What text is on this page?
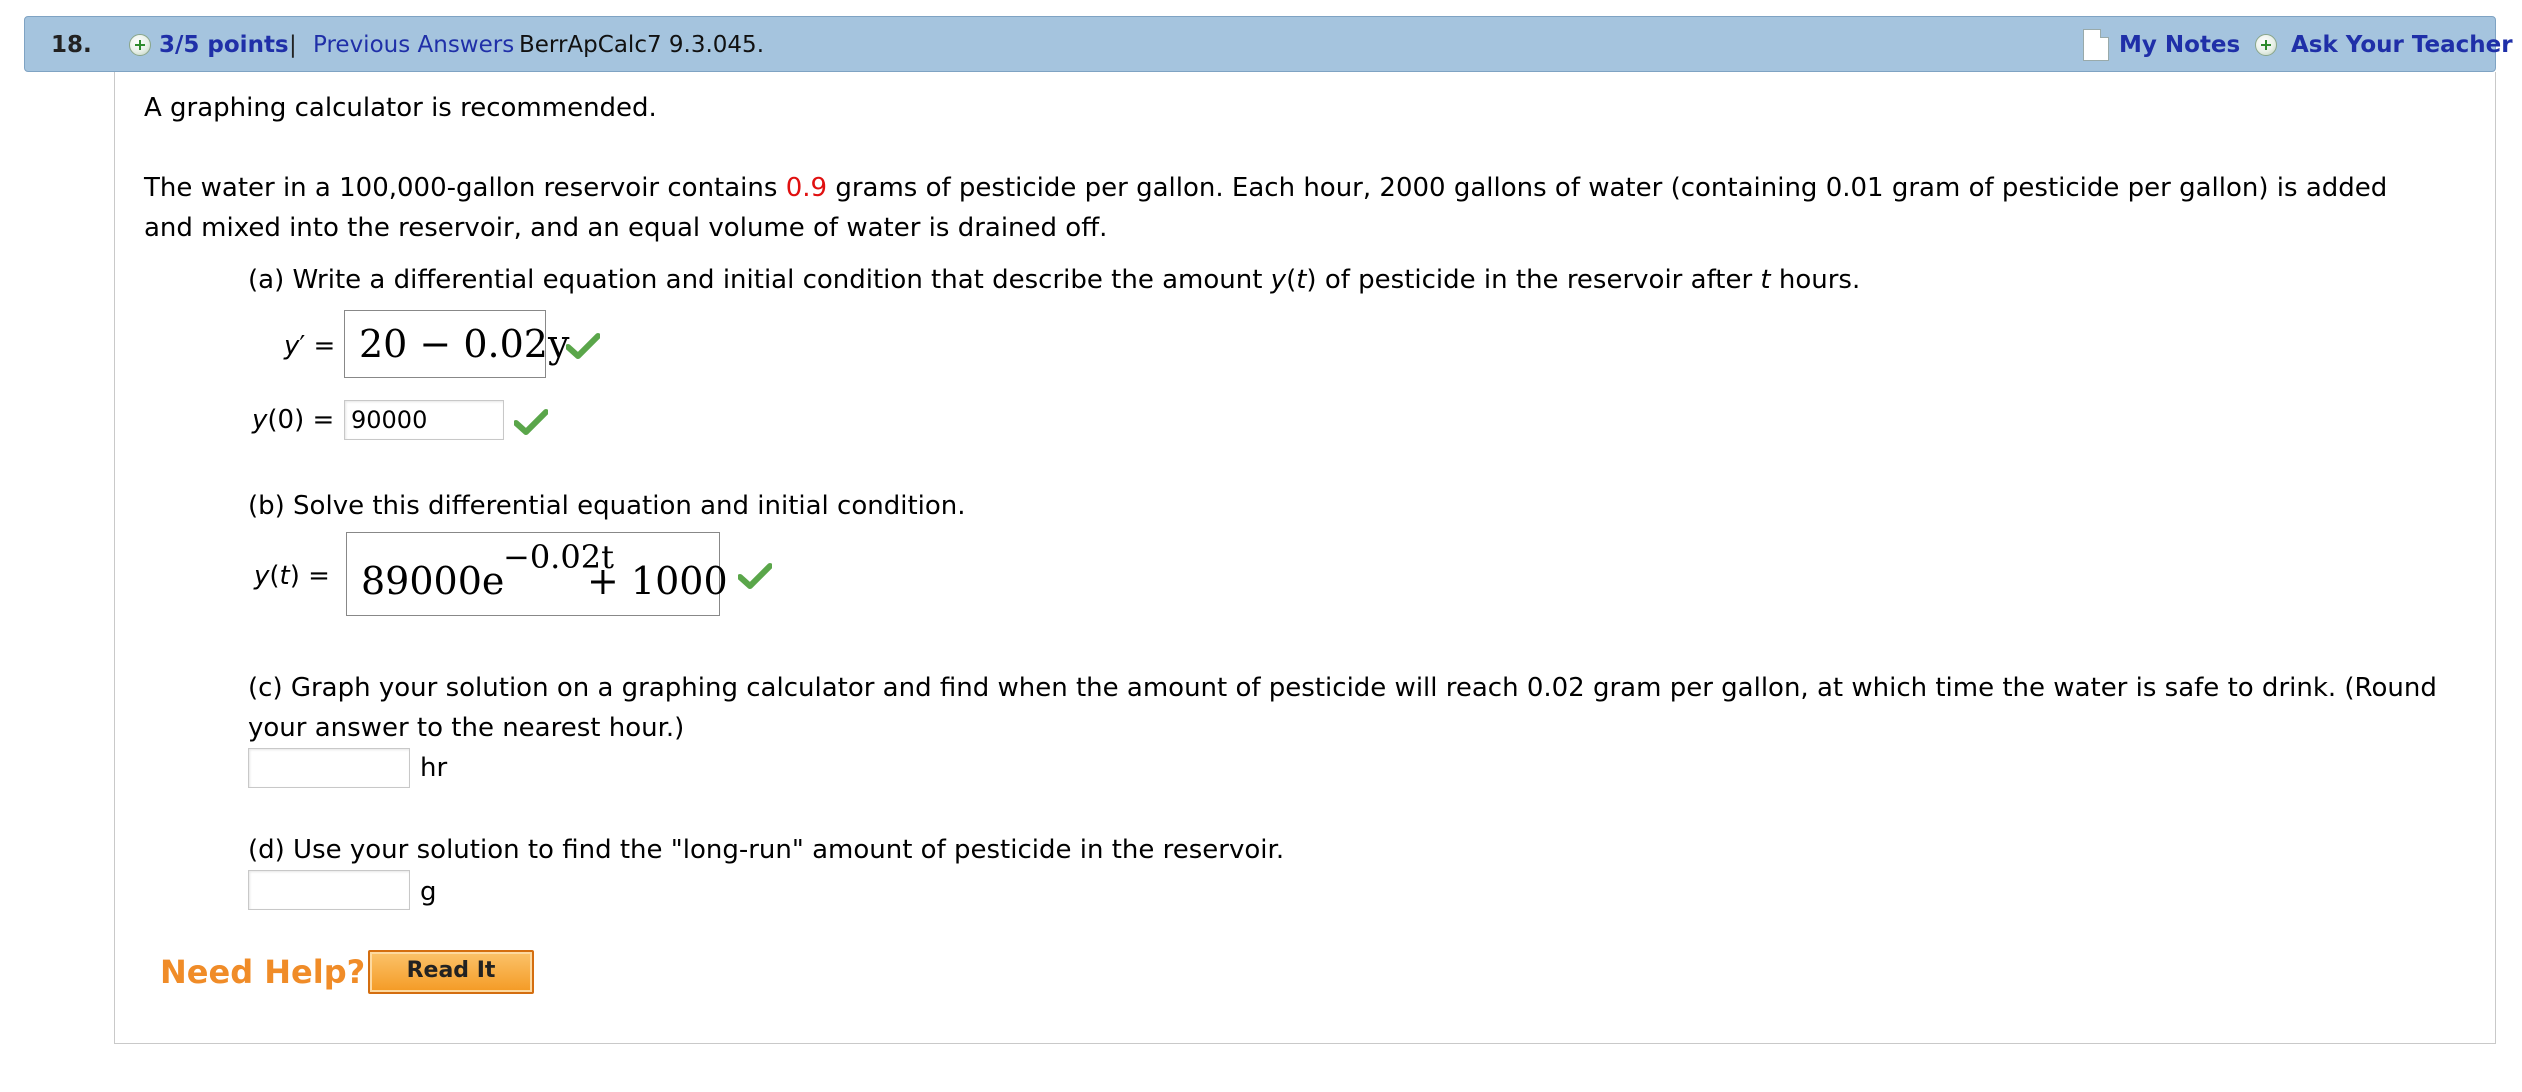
18.	3/5 points | Previous Answers BerrApCalc7 9.3.045.	My Notes Ask Your Teacher
A graphing calculator is recommended.
The water in a 100,000-gallon reservoir contains 0.9 grams of pesticide per gallon. Each hour, 2000 gallons of water (containing 0.01 gram of pesticide per gallon) is added
and mixed into the reservoir, and an equal volume of water is drained off.
(a) Write a differential equation and initial condition that describe the amount y(t) of pesticide in the reservoir after t hours.
y′ = 20 − 0.02y
y(0) = 90000
(b) Solve this differential equation and initial condition.
y(t) = 89000e
−0.02t
+ 1000
(c) Graph your solution on a graphing calculator and find when the amount of pesticide will reach 0.02 gram per gallon, at which time the water is safe to drink. (Round
your answer to the nearest hour.)
hr
(d) Use your solution to find the "long-run" amount of pesticide in the reservoir.
g
Need Help?	Read It
